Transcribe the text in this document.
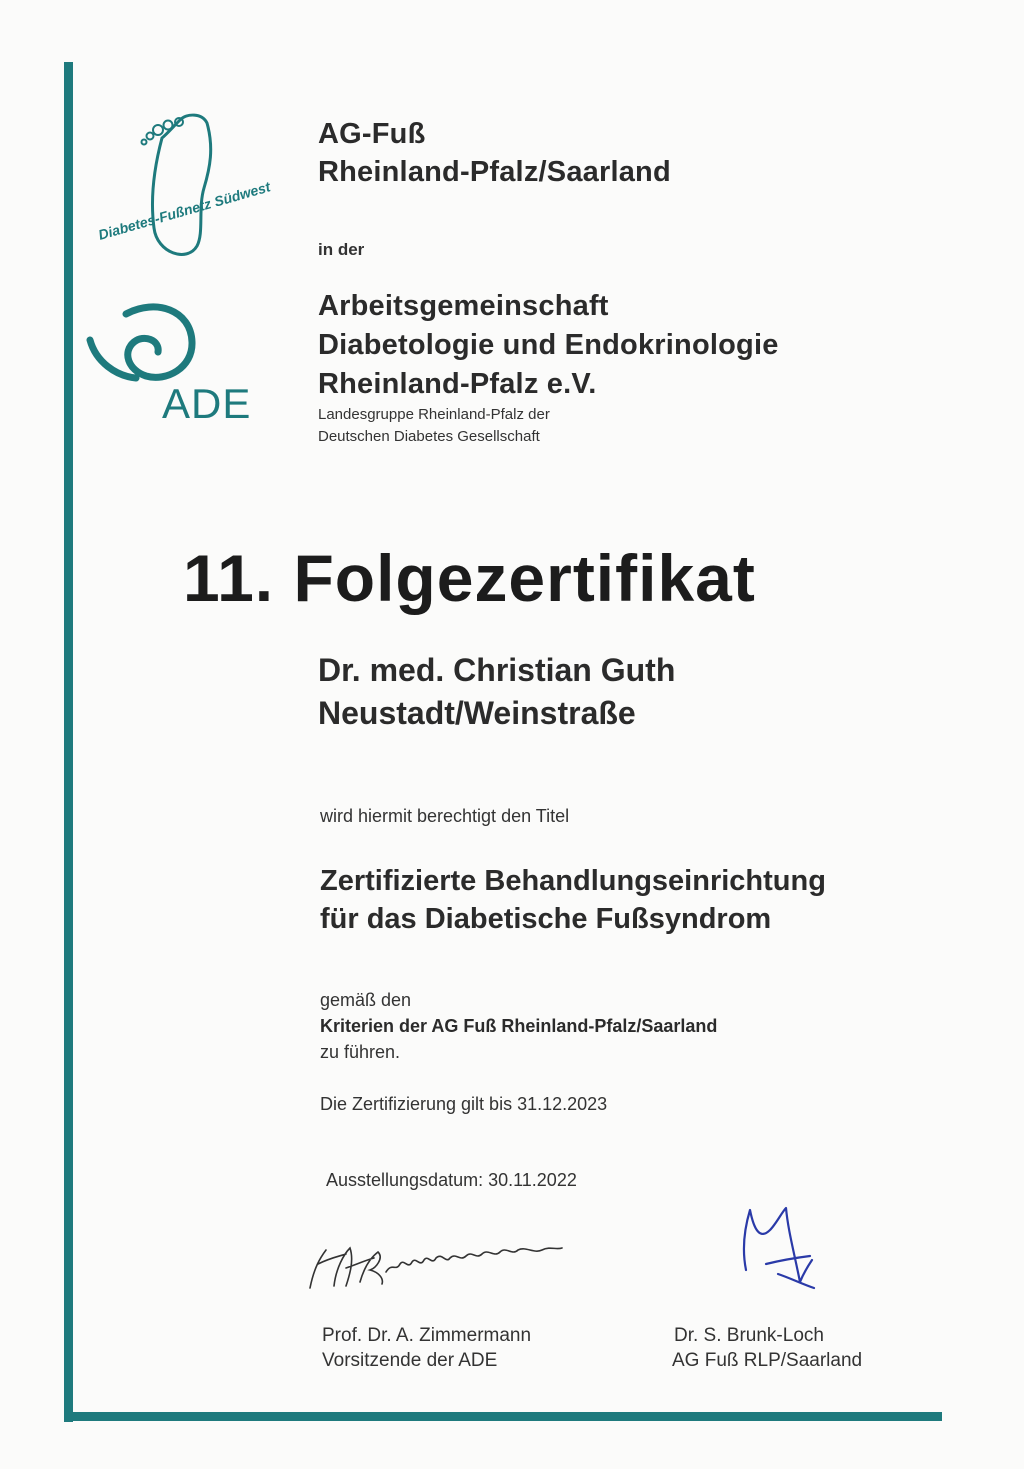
Diabetes-Fußnetz Südwest
ADE
AG-Fuß
Rheinland-Pfalz/Saarland
in der
Arbeitsgemeinschaft
Diabetologie und Endokrinologie
Rheinland-Pfalz e.V.
Landesgruppe Rheinland-Pfalz der
Deutschen Diabetes Gesellschaft
11. Folgezertifikat
Dr. med. Christian Guth
Neustadt/Weinstraße
wird hiermit berechtigt den Titel
Zertifizierte Behandlungseinrichtung
für das Diabetische Fußsyndrom
gemäß den
Kriterien der AG Fuß Rheinland-Pfalz/Saarland
zu führen.
Die Zertifizierung gilt bis 31.12.2023
Ausstellungsdatum: 30.11.2022
Prof. Dr. A. Zimmermann
Vorsitzende der ADE
Dr. S. Brunk-Loch
AG Fuß RLP/Saarland
